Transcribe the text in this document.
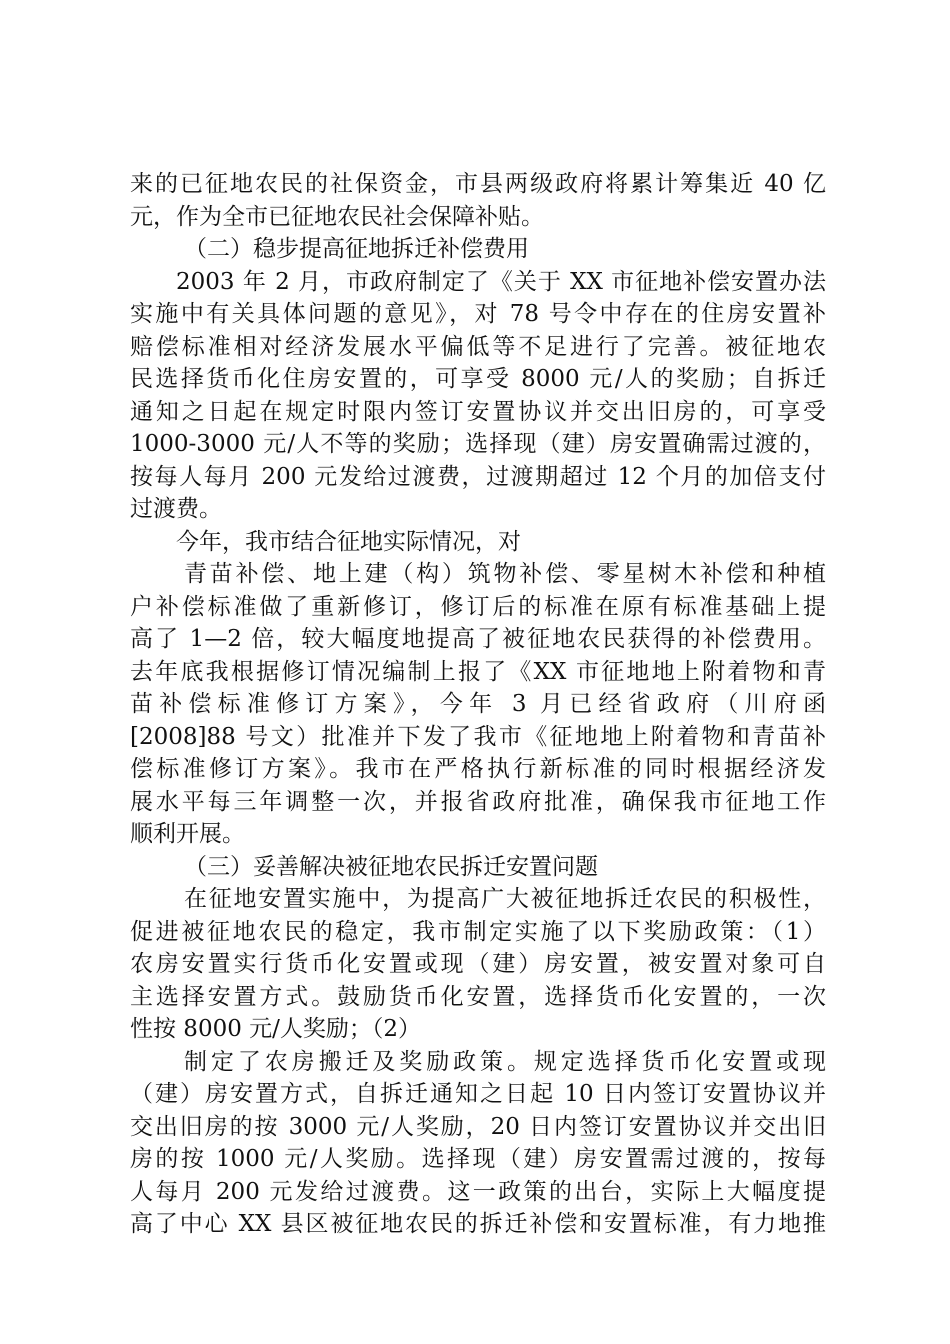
来的已征地农民的社保资金，市县两级政府将累计筹集近 40 亿
元，作为全市已征地农民社会保障补贴。
（二）稳步提高征地拆迁补偿费用
2003 年 2 月，市政府制定了《关于 XX 市征地补偿安置办法
实施中有关具体问题的意见》，对 78 号令中存在的住房安置补
赔偿标准相对经济发展水平偏低等不足进行了完善。被征地农
民选择货币化住房安置的，可享受 8000 元/人的奖励；自拆迁
通知之日起在规定时限内签订安置协议并交出旧房的，可享受
1000-3000 元/人不等的奖励；选择现（建）房安置确需过渡的，
按每人每月 200 元发给过渡费，过渡期超过 12 个月的加倍支付
过渡费。
今年，我市结合征地实际情况，对
青苗补偿、地上建（构）筑物补偿、零星树木补偿和种植
户补偿标准做了重新修订，修订后的标准在原有标准基础上提
高了 1—2 倍，较大幅度地提高了被征地农民获得的补偿费用。
去年底我根据修订情况编制上报了《XX 市征地地上附着物和青
苗补偿标准修订方案》，今年 3 月已经省政府（川府函
[2008]88 号文）批准并下发了我市《征地地上附着物和青苗补
偿标准修订方案》。我市在严格执行新标准的同时根据经济发
展水平每三年调整一次，并报省政府批准，确保我市征地工作
顺利开展。
（三）妥善解决被征地农民拆迁安置问题
在征地安置实施中，为提高广大被征地拆迁农民的积极性，
促进被征地农民的稳定，我市制定实施了以下奖励政策：（1）
农房安置实行货币化安置或现（建）房安置，被安置对象可自
主选择安置方式。鼓励货币化安置，选择货币化安置的，一次
性按 8000 元/人奖励；（2）
制定了农房搬迁及奖励政策。规定选择货币化安置或现
（建）房安置方式，自拆迁通知之日起 10 日内签订安置协议并
交出旧房的按 3000 元/人奖励，20 日内签订安置协议并交出旧
房的按 1000 元/人奖励。选择现（建）房安置需过渡的，按每
人每月 200 元发给过渡费。这一政策的出台，实际上大幅度提
高了中心 XX 县区被征地农民的拆迁补偿和安置标准，有力地推
